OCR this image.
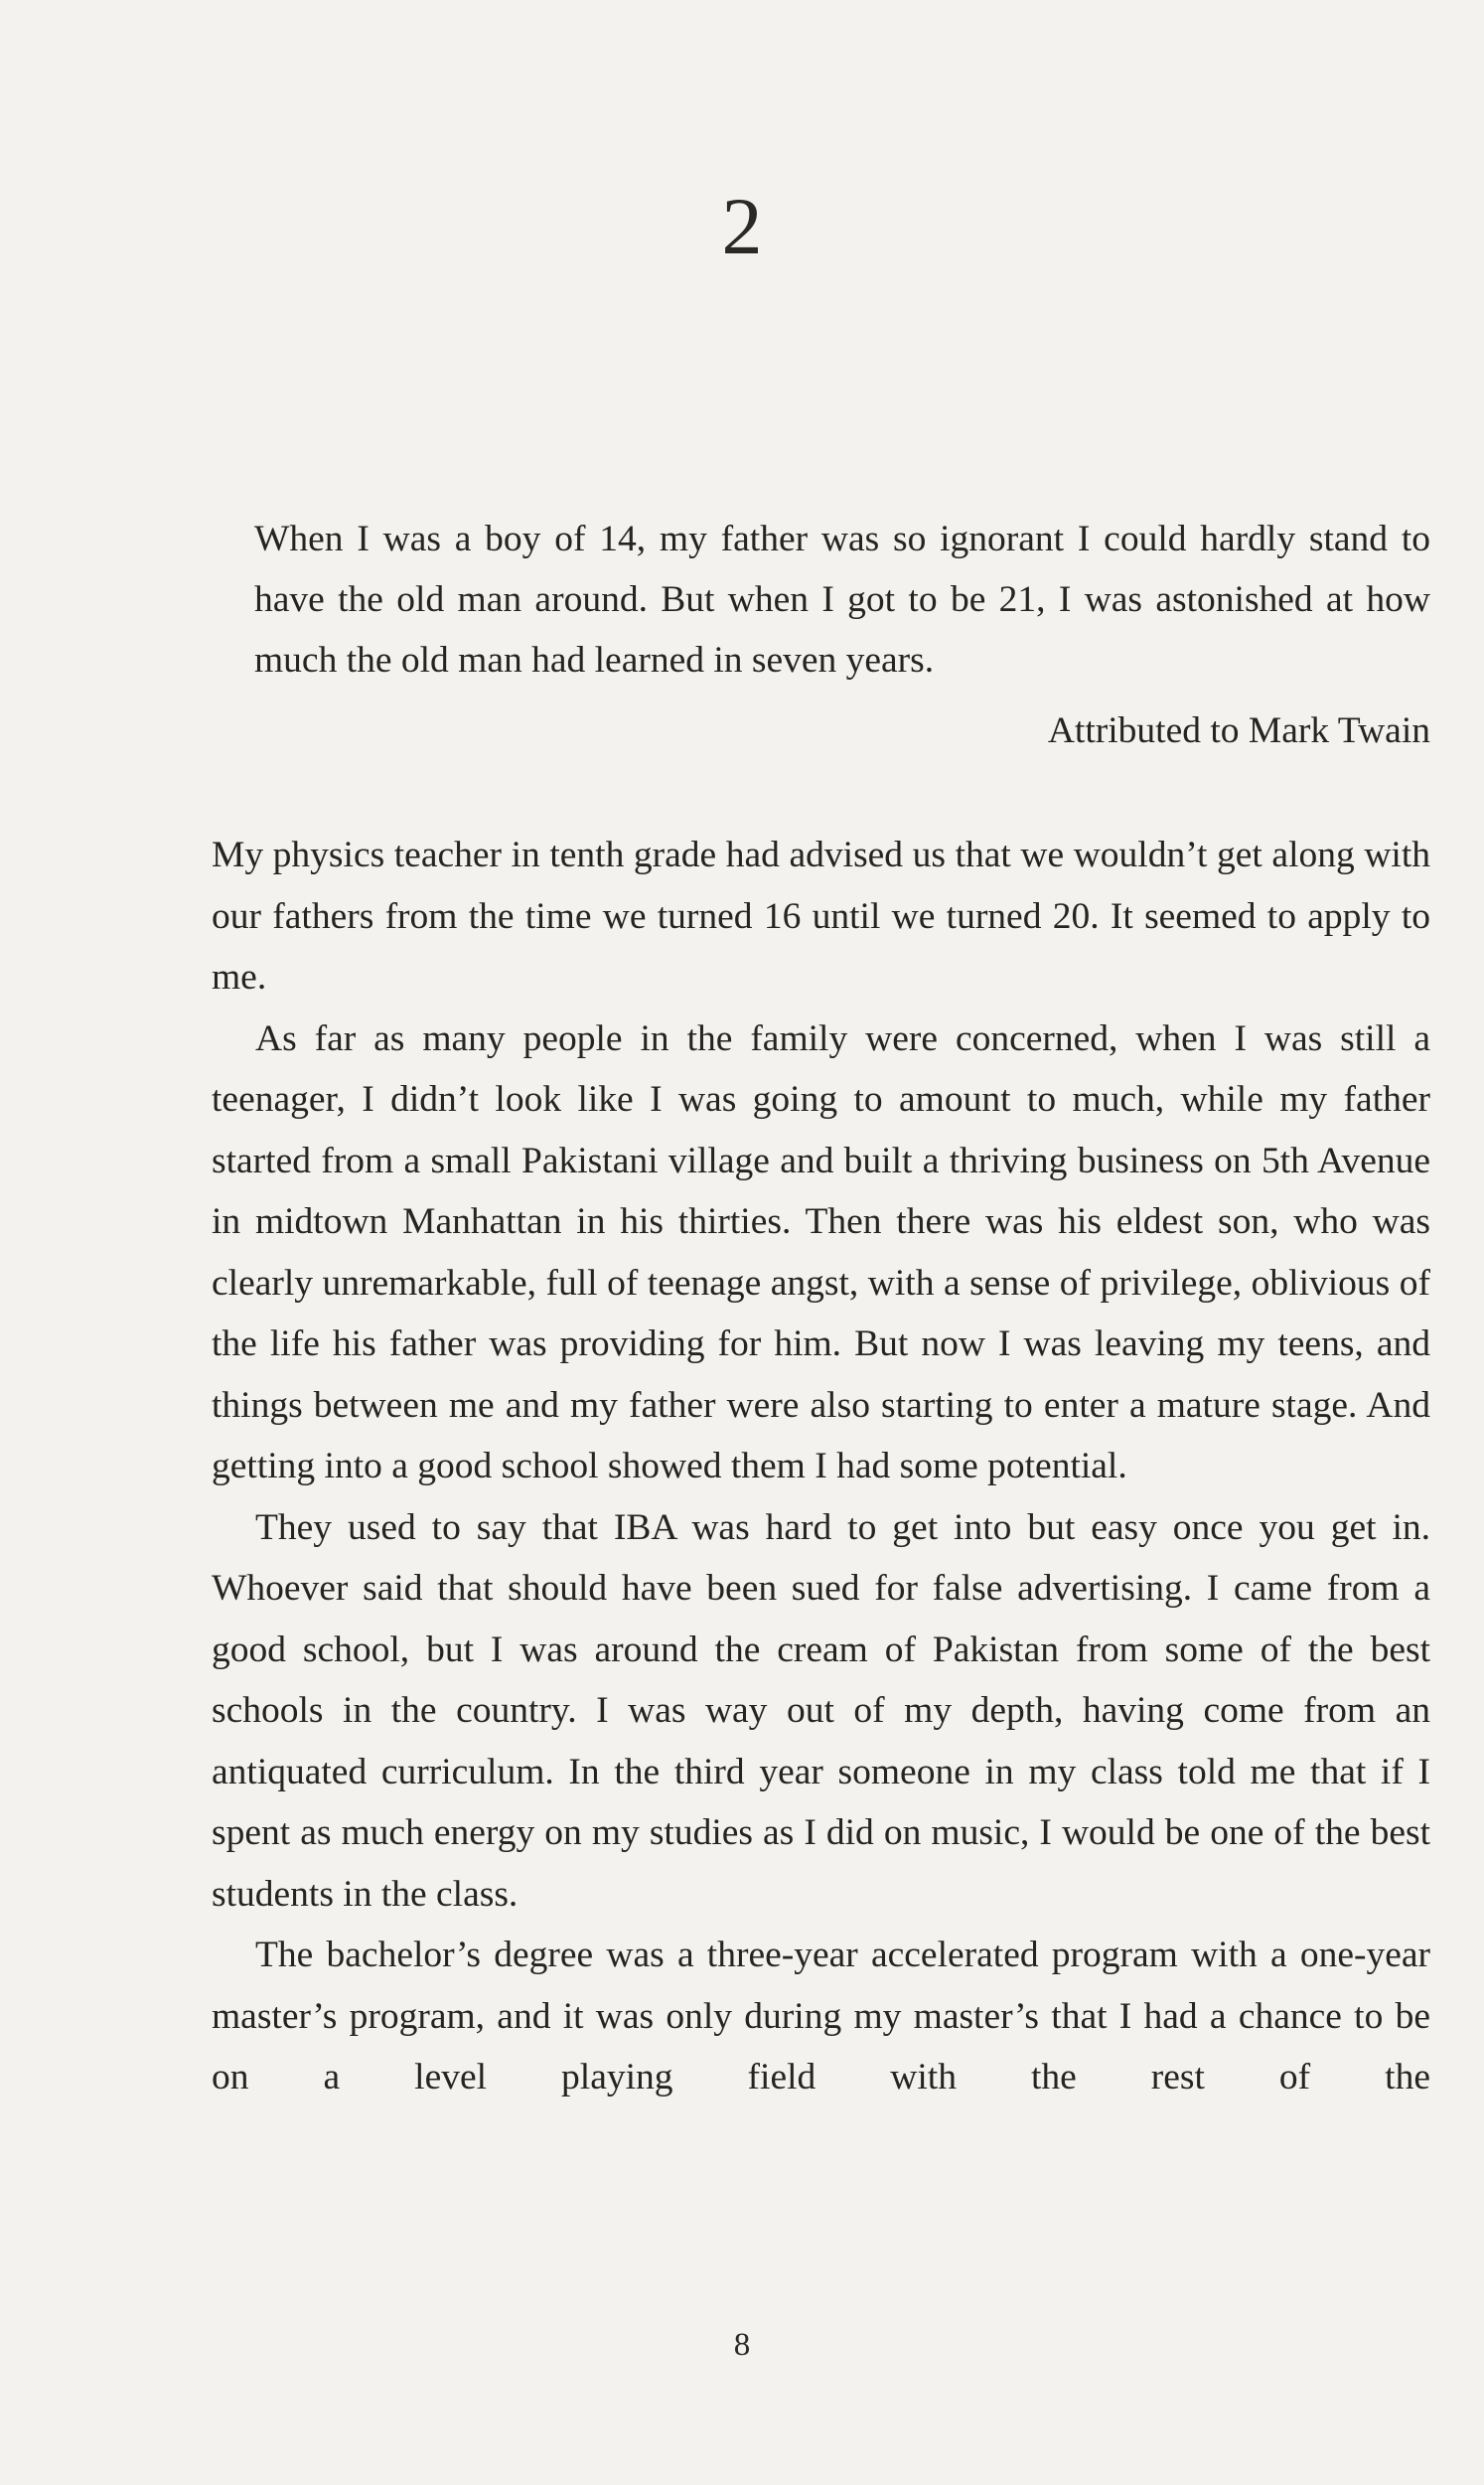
2

When I was a boy of 14, my father was so ignorant I could hardly stand to have the old man around. But when I got to be 21, I was astonished at how much the old man had learned in seven years.

Attributed to Mark Twain

My physics teacher in tenth grade had advised us that we wouldn’t get along with our fathers from the time we turned 16 until we turned 20. It seemed to apply to me.

As far as many people in the family were concerned, when I was still a teenager, I didn’t look like I was going to amount to much, while my father started from a small Pakistani village and built a thriving business on 5th Avenue in midtown Manhattan in his thirties. Then there was his eldest son, who was clearly unremarkable, full of teenage angst, with a sense of privilege, oblivious of the life his father was providing for him. But now I was leaving my teens, and things between me and my father were also starting to enter a mature stage. And getting into a good school showed them I had some potential.

They used to say that IBA was hard to get into but easy once you get in. Whoever said that should have been sued for false advertising. I came from a good school, but I was around the cream of Pakistan from some of the best schools in the country. I was way out of my depth, having come from an antiquated curriculum. In the third year someone in my class told me that if I spent as much energy on my studies as I did on music, I would be one of the best students in the class.

The bachelor’s degree was a three-year accelerated program with a one-year master’s program, and it was only during my master’s that I had a chance to be on a level playing field with the rest of the

8
